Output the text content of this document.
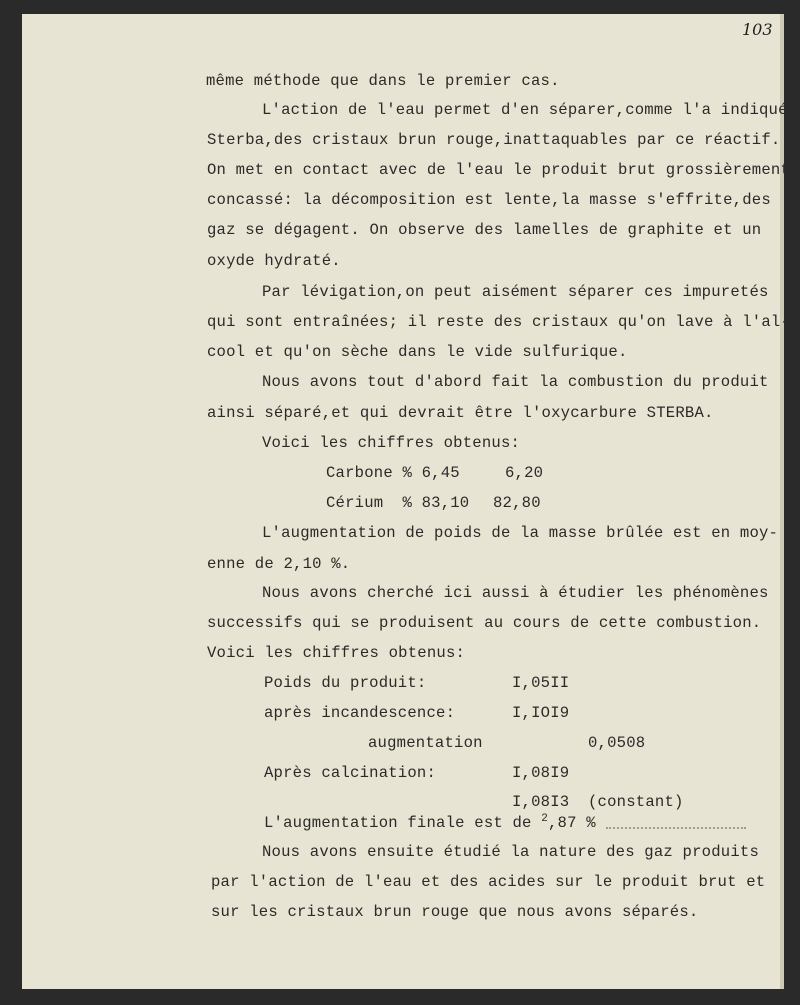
103
même méthode que dans le premier cas.
L'action de l'eau permet d'en séparer,comme l'a indiqué
Sterba,des cristaux brun rouge,inattaquables par ce réactif.
On met en contact avec de l'eau le produit brut grossièrement
concassé: la décomposition est lente,la masse s'effrite,des
gaz se dégagent. On observe des lamelles de graphite et un
oxyde hydraté.
Par lévigation,on peut aisément séparer ces impuretés
qui sont entraînées; il reste des cristaux qu'on lave à l'al-
cool et qu'on sèche dans le vide sulfurique.
Nous avons tout d'abord fait la combustion du produit
ainsi séparé,et qui devrait être l'oxycarbure STERBA.
Voici les chiffres obtenus:
Carbone % 6,45	6,20
Cérium  % 83,10 82,80
L'augmentation de poids de la masse brûlée est en moy-
enne de 2,10 %.
Nous avons cherché ici aussi à étudier les phénomènes
successifs qui se produisent au cours de cette combustion.
Voici les chiffres obtenus:
Poids du produit:	I,05II
après incandescence:	I,IOI9
augmentation	0,0508
Après calcination:	I,08I9
I,08I3 (constant)
L'augmentation finale est de $^2$,87 %
Nous avons ensuite étudié la nature des gaz produits
par l'action de l'eau et des acides sur le produit brut et
sur les cristaux brun rouge que nous avons séparés.
